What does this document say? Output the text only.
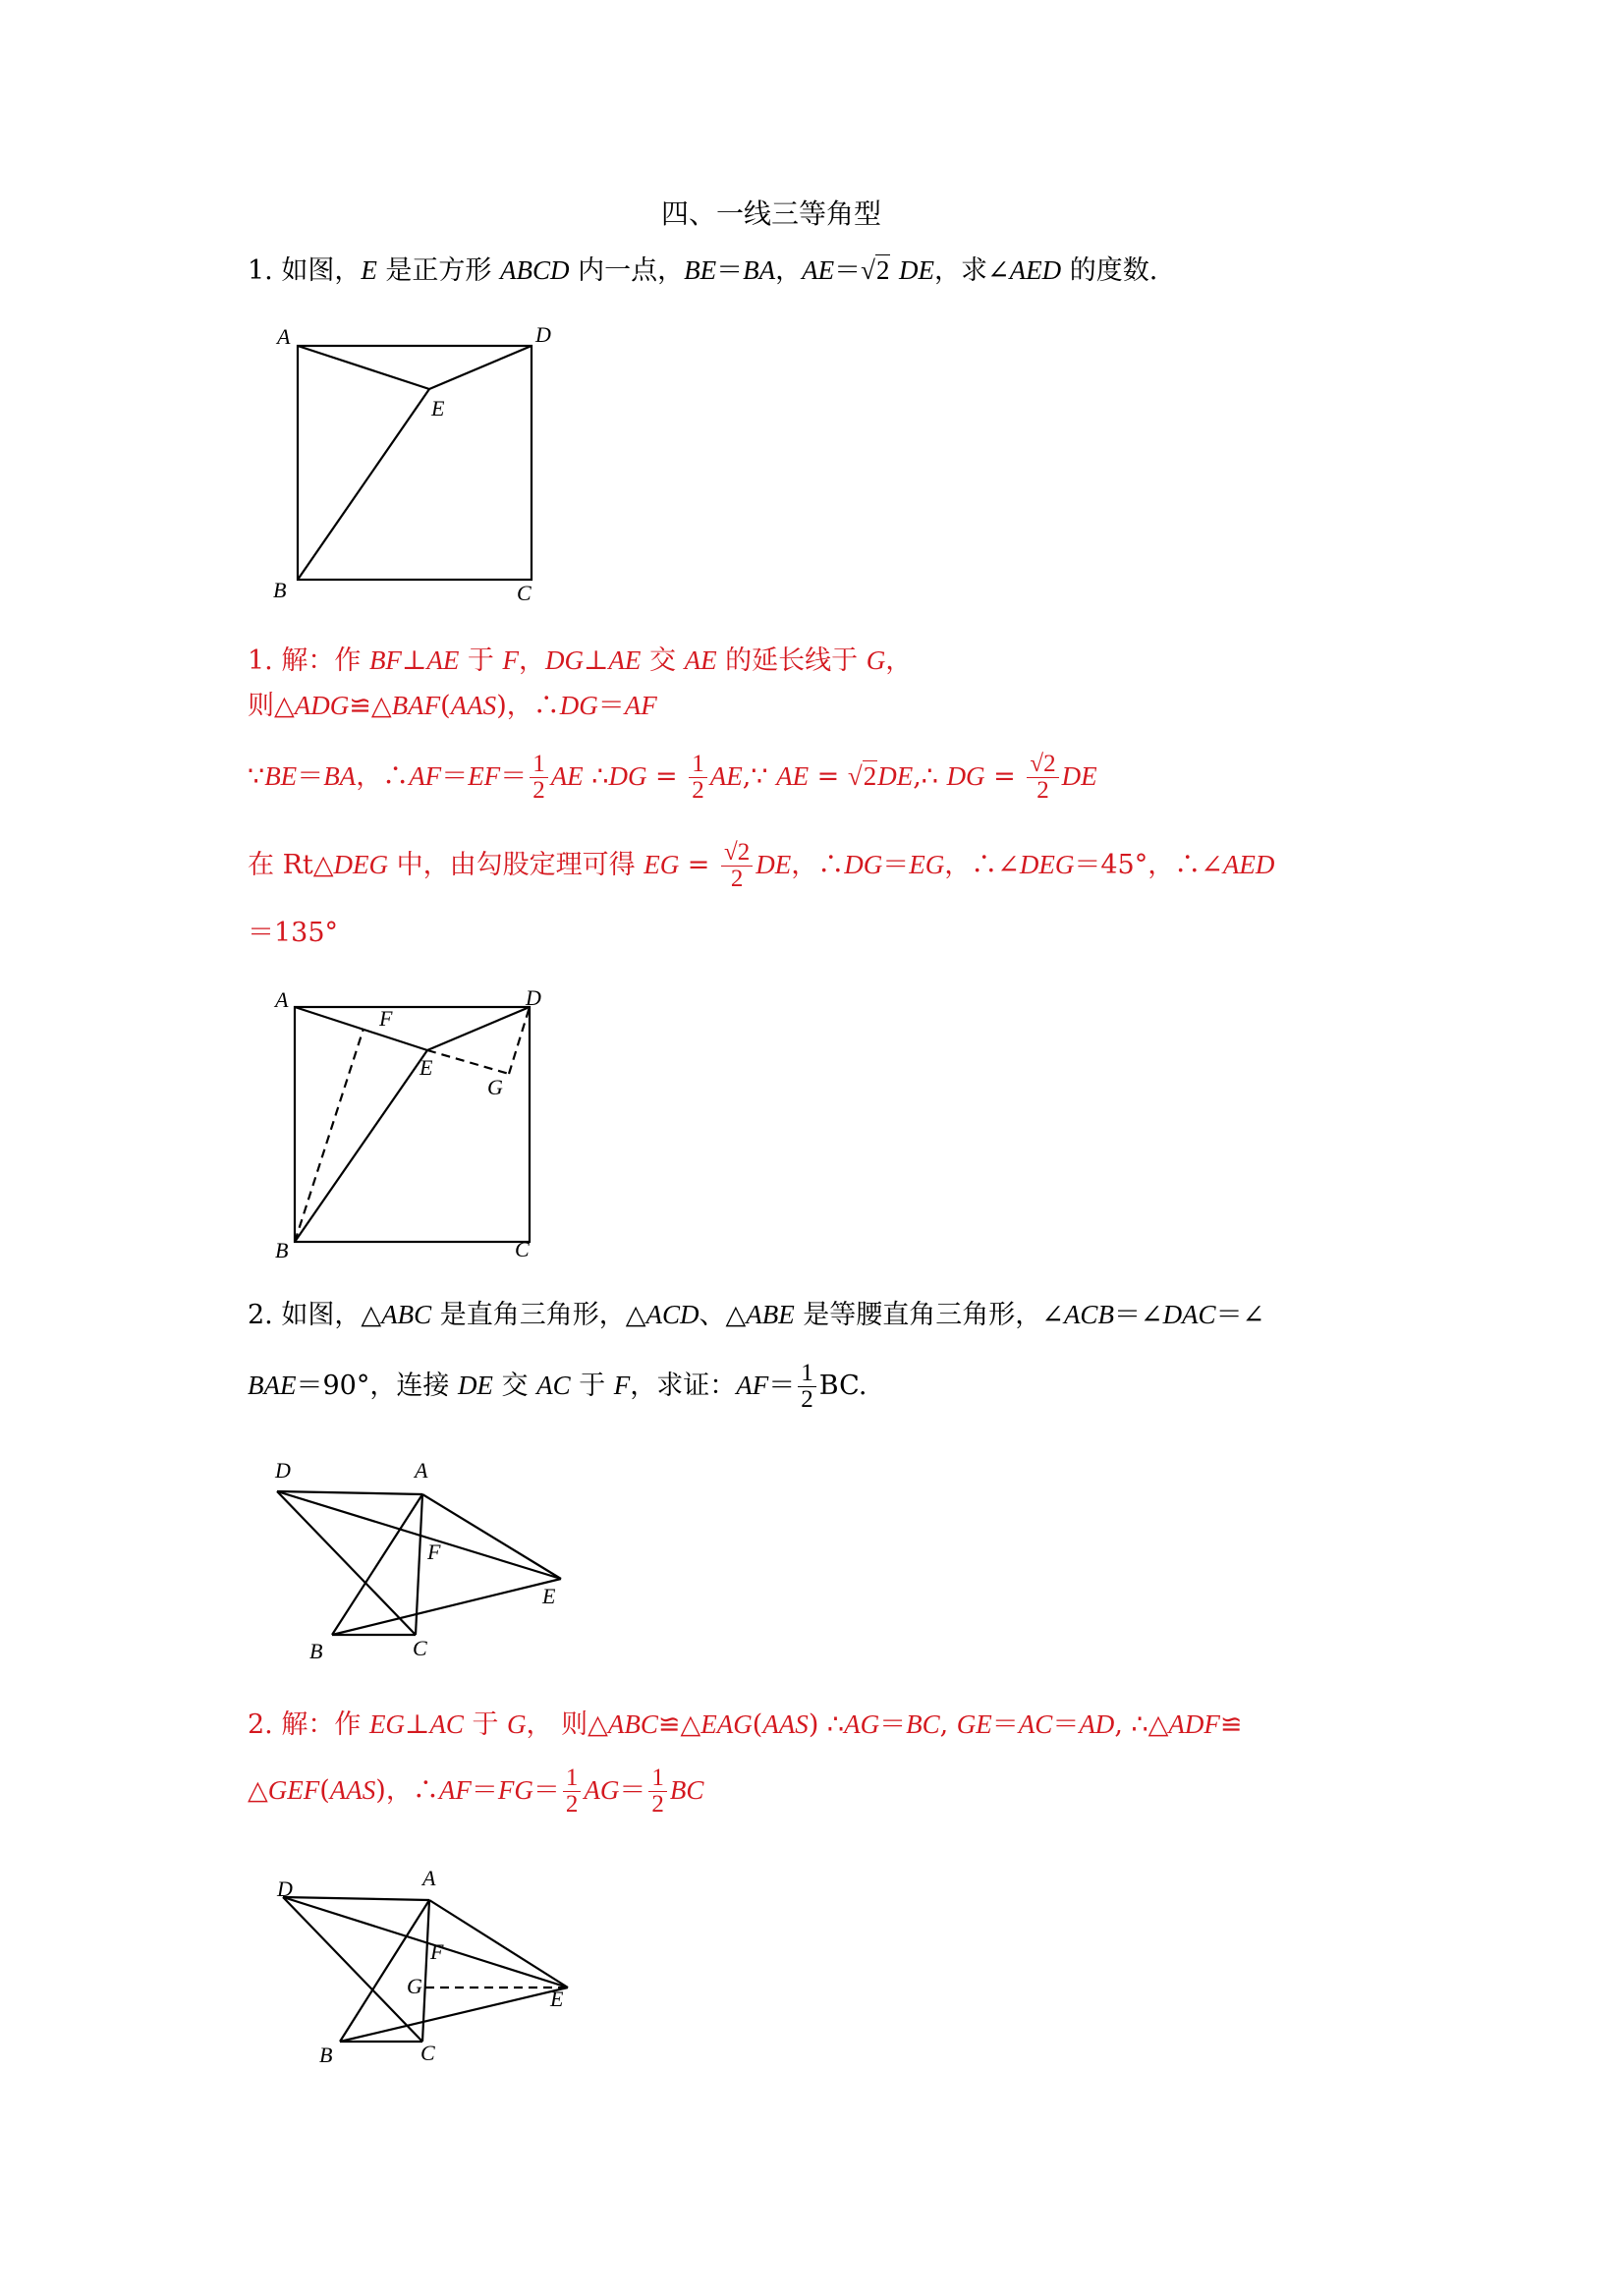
四、一线三等角型
1. 如图，E 是正方形 ABCD 内一点，BE＝BA，AE＝√2 DE，求∠AED 的度数.
A	D
E
B	C
1. 解：作 BF⊥AE 于 F，DG⊥AE 交 AE 的延长线于 G，
则△ADG≌△BAF(AAS)，∴DG＝AF
∵BE＝BA，∴AF＝EF＝ $\frac{1}{2}$ AE ∴DG = $\frac{1}{2}$ AE,∵ AE = √2DE,∴ DG = $\frac{√2}{2}$ DE
在 Rt△DEG 中，由勾股定理可得 EG = $\frac{√2}{2}$ DE，∴DG＝EG，∴∠DEG＝45°，∴∠AED
＝135°
A
F
D
E
G
B	C
2. 如图，△ABC 是直角三角形，△ACD、△ABE 是等腰直角三角形，∠ACB＝∠DAC＝∠
BAE＝90°，连接 DE 交 AC 于 F，求证：$AF= \frac{1}{2}$ BC.
D	A
F
E
B	C
2. 解：作 EG⊥AC 于 G， 则△ABC≌△EAG(AAS) ∴AG＝BC, GE＝AC＝AD, ∴△ADF≌
△GEF(AAS)，∴AF＝FG＝ $\frac{1}{2} AG= \frac{1}{2}$ BC
D	A
F
G
E
B	C
